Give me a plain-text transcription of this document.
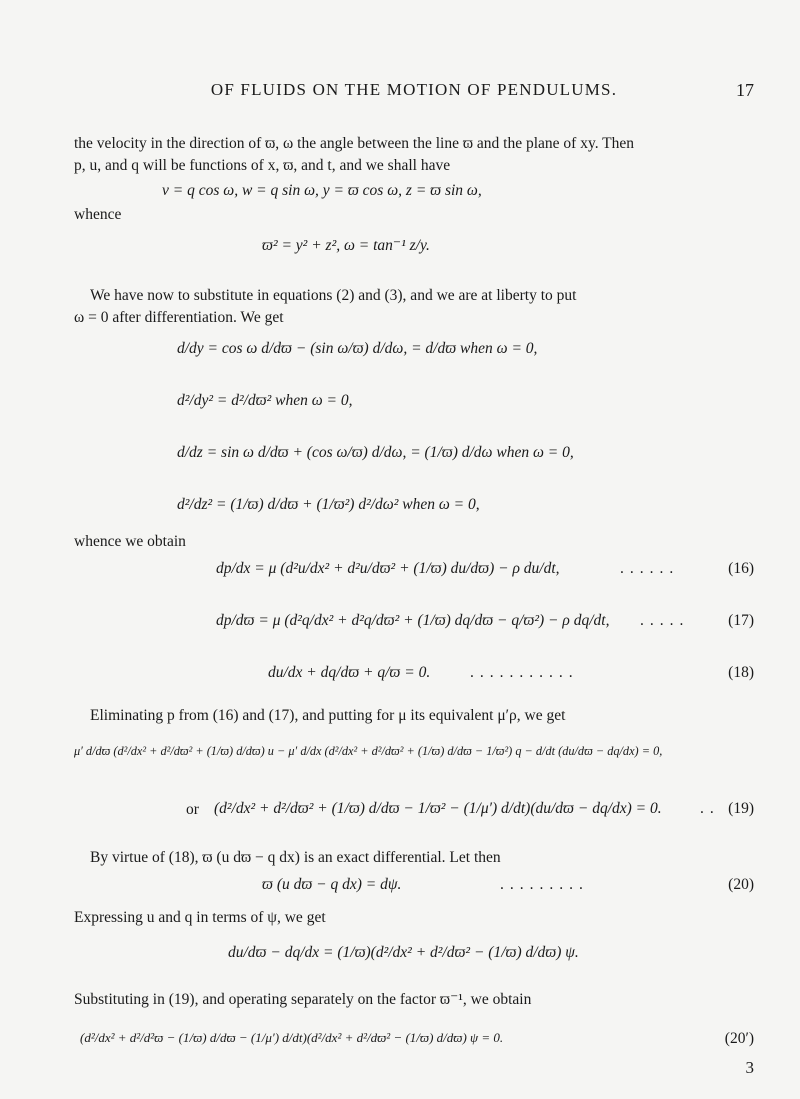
OF FLUIDS ON THE MOTION OF PENDULUMS.	17
the velocity in the direction of ϖ, ω the angle between the line ϖ and the plane of xy. Then
p, u, and q will be functions of x, ϖ, and t, and we shall have
v = q cos ω, w = q sin ω, y = ϖ cos ω, z = ϖ sin ω,
whence
ϖ² = y² + z², ω = tan⁻¹ z/y.
We have now to substitute in equations (2) and (3), and we are at liberty to put
ω = 0 after differentiation. We get
d/dy = cos ω d/dϖ − (sin ω/ϖ) d/dω, = d/dϖ when ω = 0,
d²/dy² = d²/dϖ² when ω = 0,
d/dz = sin ω d/dϖ + (cos ω/ϖ) d/dω, = (1/ϖ) d/dω when ω = 0,
d²/dz² = (1/ϖ) d/dϖ + (1/ϖ²) d²/dω² when ω = 0,
whence we obtain
dp/dx = μ (d²u/dx² + d²u/dϖ² + (1/ϖ) du/dϖ) − ρ du/dt,	......	(16)
dp/dϖ = μ (d²q/dx² + d²q/dϖ² + (1/ϖ) dq/dϖ − q/ϖ²) − ρ dq/dt, .....	(17)
du/dx + dq/dϖ + q/ϖ = 0.	...........	(18)
Eliminating p from (16) and (17), and putting for μ its equivalent μ′ρ, we get
μ′ d/dϖ (d²/dx² + d²/dϖ² + (1/ϖ) d/dϖ) u − μ′ d/dx (d²/dx² + d²/dϖ² + (1/ϖ) d/dϖ − 1/ϖ²) q − d/dt (du/dϖ − dq/dx) = 0,
or (d²/dx² + d²/dϖ² + (1/ϖ) d/dϖ − 1/ϖ² − (1/μ′) d/dt)(du/dϖ − dq/dx) = 0. .. (19)
By virtue of (18), ϖ (u dϖ − q dx) is an exact differential. Let then
ϖ (u dϖ − q dx) = dψ.	.........	(20)
Expressing u and q in terms of ψ, we get
du/dϖ − dq/dx = (1/ϖ)(d²/dx² + d²/dϖ² − (1/ϖ) d/dϖ) ψ.
Substituting in (19), and operating separately on the factor ϖ⁻¹, we obtain
(d²/dx² + d²/d²ϖ − (1/ϖ) d/dϖ − (1/μ′) d/dt)(d²/dx² + d²/dϖ² − (1/ϖ) d/dϖ) ψ = 0.	(20′)
3
